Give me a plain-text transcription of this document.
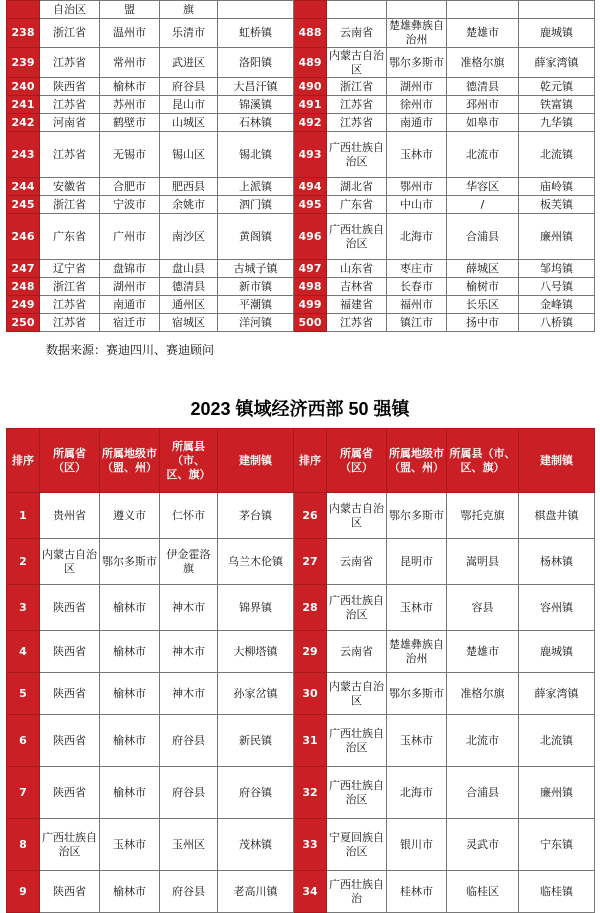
	自治区	盟	旗						
238	浙江省	温州市	乐清市	虹桥镇	488	云南省	楚雄彝族自治州	楚雄市	鹿城镇
239	江苏省	常州市	武进区	洛阳镇	489	内蒙古自治区	鄂尔多斯市	准格尔旗	薛家湾镇
240	陕西省	榆林市	府谷县	大昌汗镇	490	浙江省	湖州市	德清县	乾元镇
241	江苏省	苏州市	昆山市	锦溪镇	491	江苏省	徐州市	邳州市	铁富镇
242	河南省	鹤壁市	山城区	石林镇	492	江苏省	南通市	如皋市	九华镇
243	江苏省	无锡市	锡山区	锡北镇	493	广西壮族自治区	玉林市	北流市	北流镇
244	安徽省	合肥市	肥西县	上派镇	494	湖北省	鄂州市	华容区	庙岭镇
245	浙江省	宁波市	余姚市	泗门镇	495	广东省	中山市	/	板芙镇
246	广东省	广州市	南沙区	黄阁镇	496	广西壮族自治区	北海市	合浦县	廉州镇
247	辽宁省	盘锦市	盘山县	古城子镇	497	山东省	枣庄市	薛城区	邹坞镇
248	浙江省	湖州市	德清县	新市镇	498	吉林省	长春市	榆树市	八号镇
249	江苏省	南通市	通州区	平潮镇	499	福建省	福州市	长乐区	金峰镇
250	江苏省	宿迁市	宿城区	洋河镇	500	江苏省	镇江市	扬中市	八桥镇
数据来源：赛迪四川、赛迪顾问
2023 镇域经济西部 50 强镇
排序	所属省（区）	所属地级市（盟、州）	所属县（市、区、旗）	建制镇	排序	所属省（区）	所属地级市（盟、州）	所属县（市、区、旗）	建制镇
1	贵州省	遵义市	仁怀市	茅台镇	26	内蒙古自治区	鄂尔多斯市	鄂托克旗	棋盘井镇
2	内蒙古自治区	鄂尔多斯市	伊金霍洛旗	乌兰木伦镇	27	云南省	昆明市	嵩明县	杨林镇
3	陕西省	榆林市	神木市	锦界镇	28	广西壮族自治区	玉林市	容县	容州镇
4	陕西省	榆林市	神木市	大柳塔镇	29	云南省	楚雄彝族自治州	楚雄市	鹿城镇
5	陕西省	榆林市	神木市	孙家岔镇	30	内蒙古自治区	鄂尔多斯市	准格尔旗	薛家湾镇
6	陕西省	榆林市	府谷县	新民镇	31	广西壮族自治区	玉林市	北流市	北流镇
7	陕西省	榆林市	府谷县	府谷镇	32	广西壮族自治区	北海市	合浦县	廉州镇
8	广西壮族自治区	玉林市	玉州区	茂林镇	33	宁夏回族自治区	银川市	灵武市	宁东镇
9	陕西省	榆林市	府谷县	老高川镇	34	广西壮族自治	桂林市	临桂区	临桂镇
